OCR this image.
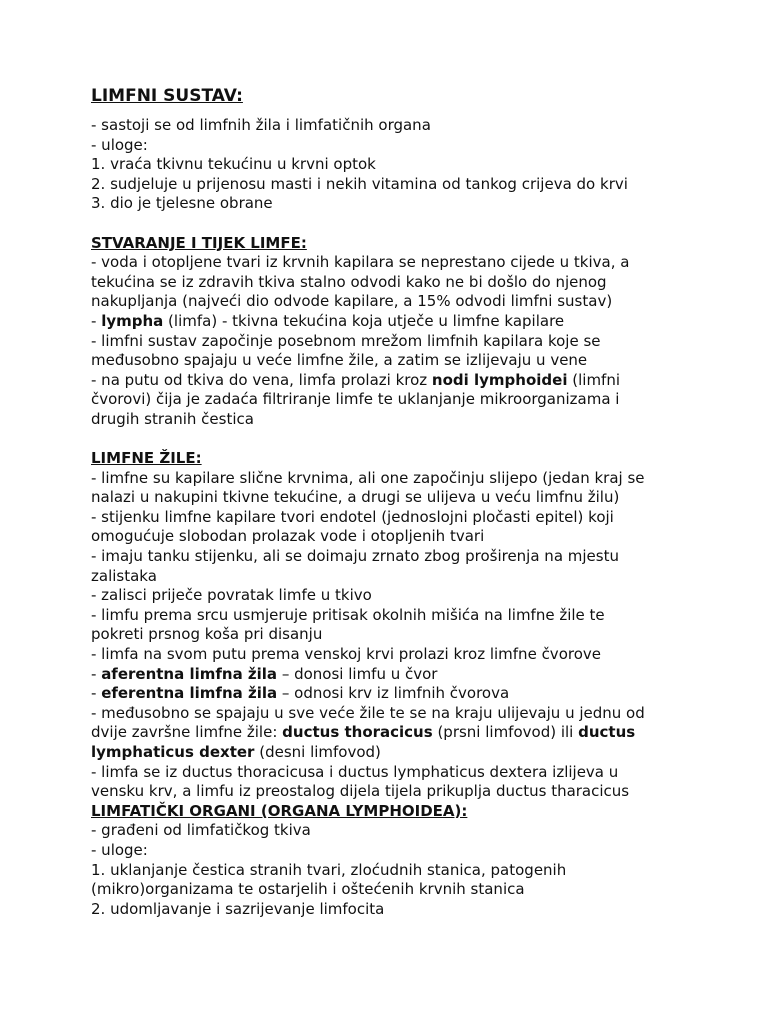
LIMFNI SUSTAV:
- sastoji se od limfnih žila i limfatičnih organa
- uloge:
1. vraća tkivnu tekućinu u krvni optok
2. sudjeluje u prijenosu masti i nekih vitamina od tankog crijeva do krvi
3. dio je tjelesne obrane
STVARANJE I TIJEK LIMFE:
- voda i otopljene tvari iz krvnih kapilara se neprestano cijede u tkiva, a
tekućina se iz zdravih tkiva stalno odvodi kako ne bi došlo do njenog
nakupljanja (najveći dio odvode kapilare, a 15% odvodi limfni sustav)
- lympha (limfa) - tkivna tekućina koja utječe u limfne kapilare
- limfni sustav započinje posebnom mrežom limfnih kapilara koje se
međusobno spajaju u veće limfne žile, a zatim se izlijevaju u vene
- na putu od tkiva do vena, limfa prolazi kroz nodi lymphoidei (limfni
čvorovi) čija je zadaća filtriranje limfe te uklanjanje mikroorganizama i
drugih stranih čestica
LIMFNE ŽILE:
- limfne su kapilare slične krvnima, ali one započinju slijepo (jedan kraj se
nalazi u nakupini tkivne tekućine, a drugi se ulijeva u veću limfnu žilu)
- stijenku limfne kapilare tvori endotel (jednoslojni pločasti epitel) koji
omogućuje slobodan prolazak vode i otopljenih tvari
- imaju tanku stijenku, ali se doimaju zrnato zbog proširenja na mjestu
zalistaka
- zalisci priječe povratak limfe u tkivo
- limfu prema srcu usmjeruje pritisak okolnih mišića na limfne žile te
pokreti prsnog koša pri disanju
- limfa na svom putu prema venskoj krvi prolazi kroz limfne čvorove
- aferentna limfna žila – donosi limfu u čvor
- eferentna limfna žila – odnosi krv iz limfnih čvorova
- međusobno se spajaju u sve veće žile te se na kraju ulijevaju u jednu od
dvije završne limfne žile: ductus thoracicus (prsni limfovod) ili ductus
lymphaticus dexter (desni limfovod)
- limfa se iz ductus thoracicusa i ductus lymphaticus dextera izlijeva u
vensku krv, a limfu iz preostalog dijela tijela prikuplja ductus tharacicus
LIMFATIČKI ORGANI (ORGANA LYMPHOIDEA):
- građeni od limfatičkog tkiva
- uloge:
1. uklanjanje čestica stranih tvari, zloćudnih stanica, patogenih
(mikro)organizama te ostarjelih i oštećenih krvnih stanica
2. udomljavanje i sazrijevanje limfocita
